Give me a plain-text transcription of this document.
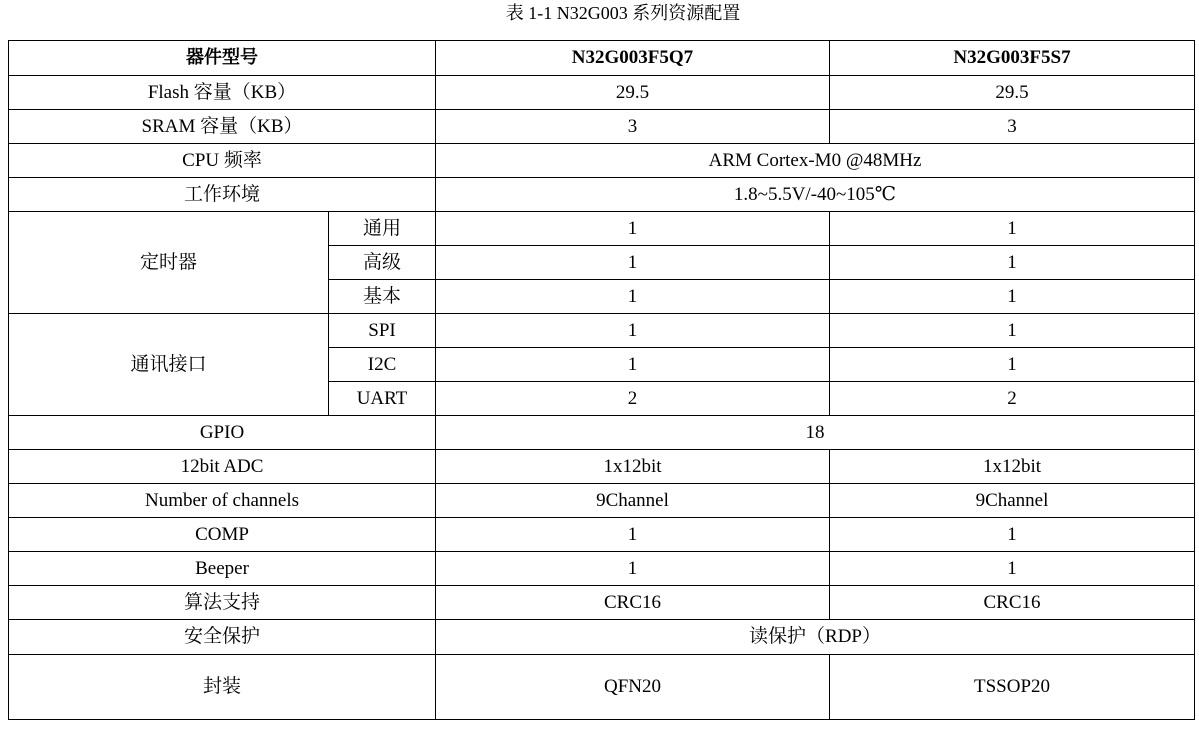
表 1-1 N32G003 系列资源配置
器件型号		N32G003F5Q7	N32G003F5S7
Flash 容量（KB）		29.5	29.5
SRAM 容量（KB）		3	3
CPU 频率		ARM Cortex-M0 @48MHz	
工作环境		1.8~5.5V/-40~105℃	
定时器	通用	1	1
	高级	1	1
	基本	1	1
通讯接口	SPI	1	1
	I2C	1	1
	UART	2	2
GPIO		18	
12bit ADC		1x12bit	1x12bit
Number of channels		9Channel	9Channel
COMP		1	1
Beeper		1	1
算法支持		CRC16	CRC16
安全保护		读保护（RDP）	
封装		QFN20	TSSOP20
